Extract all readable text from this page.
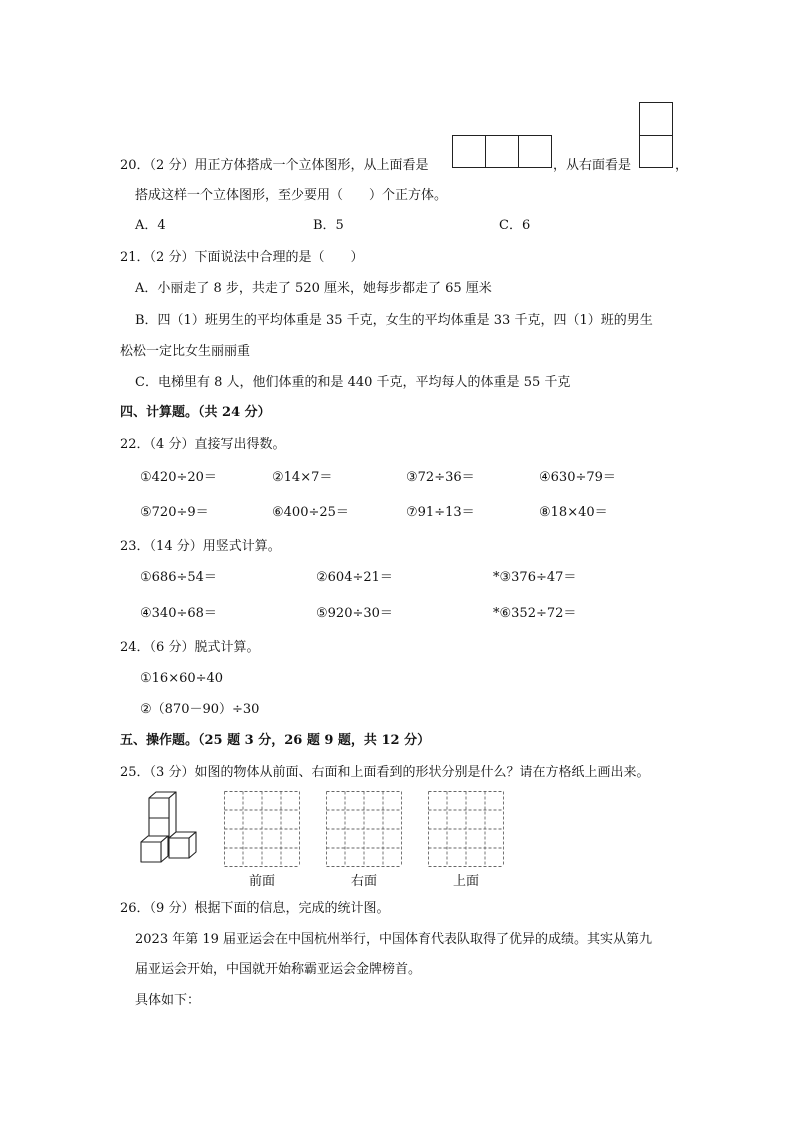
20．（2 分）用正方体搭成一个立体图形，从上面看是	，从右面看是	，
搭成这样一个立体图形，至少要用（　　）个正方体。
A．4	B．5	C．6
21．（2 分）下面说法中合理的是（　　）
A．小丽走了 8 步，共走了 520 厘米，她每步都走了 65 厘米
B．四（1）班男生的平均体重是 35 千克，女生的平均体重是 33 千克，四（1）班的男生
松松一定比女生丽丽重
C．电梯里有 8 人，他们体重的和是 440 千克，平均每人的体重是 55 千克
四、计算题。（共 24 分）
22．（4 分）直接写出得数。
①420÷20＝	②14×7＝	③72÷36＝	④630÷79＝
⑤720÷9＝	⑥400÷25＝	⑦91÷13＝	⑧18×40＝
23．（14 分）用竖式计算。
①686÷54＝	②604÷21＝	*③376÷47＝
④340÷68＝	⑤920÷30＝	*⑥352÷72＝
24．（6 分）脱式计算。
①16×60÷40
②（870－90）÷30
五、操作题。（25 题 3 分，26 题 9 题，共 12 分）
25．（3 分）如图的物体从前面、右面和上面看到的形状分别是什么？请在方格纸上画出来。
前面	右面	上面
26．（9 分）根据下面的信息，完成的统计图。
2023 年第 19 届亚运会在中国杭州举行，中国体育代表队取得了优异的成绩。其实从第九
届亚运会开始，中国就开始称霸亚运会金牌榜首。
具体如下：
